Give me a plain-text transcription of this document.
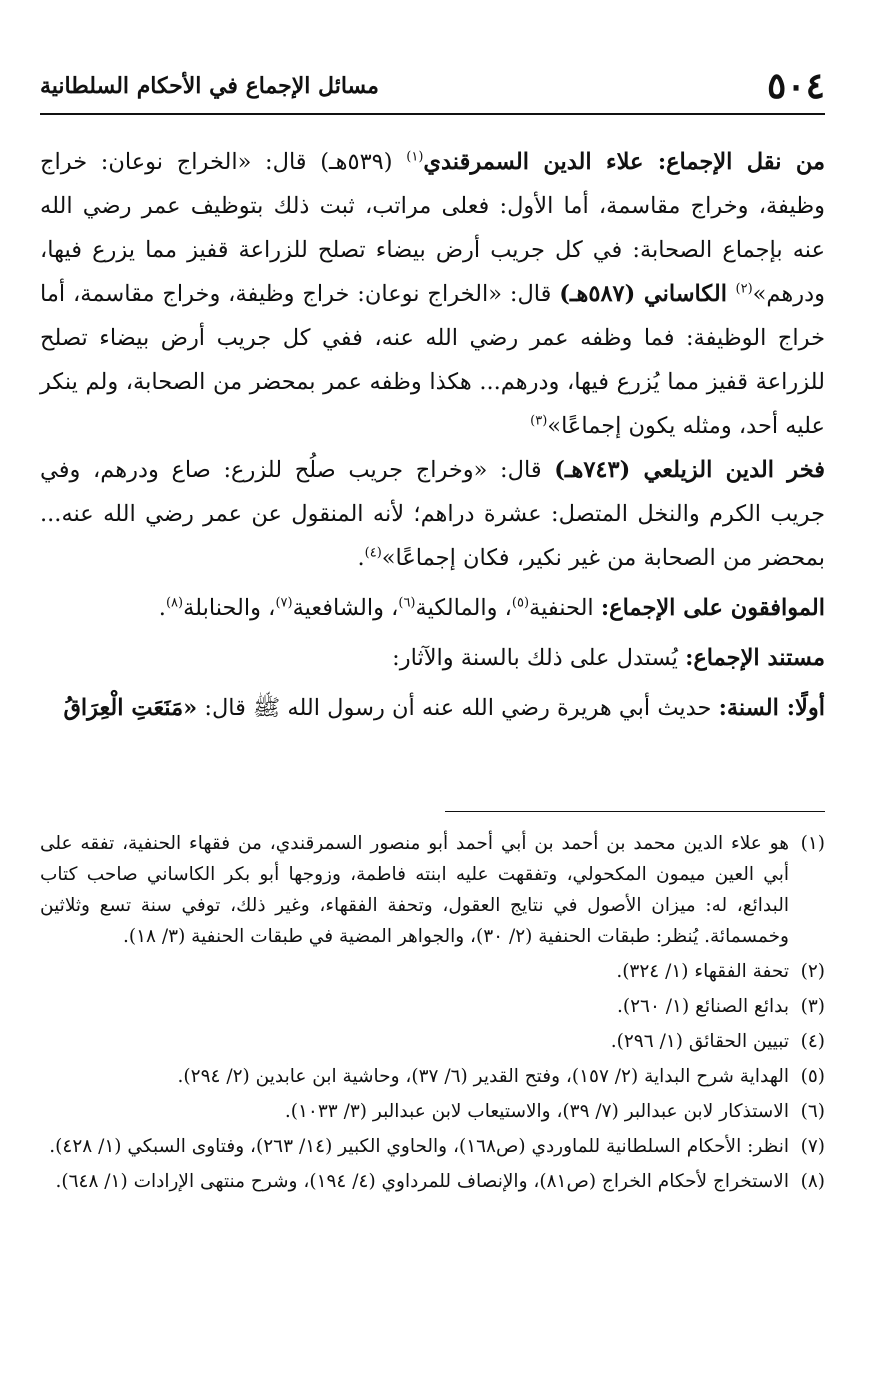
٥٠٤
مسائل الإجماع في الأحكام السلطانية

من نقل الإجماع: علاء الدين السمرقندي$^{(١)}$ (٥٣٩هـ) قال: «الخراج نوعان: خراج وظيفة، وخراج مقاسمة، أما الأول: فعلى مراتب، ثبت ذلك بتوظيف عمر رضي الله عنه بإجماع الصحابة: في كل جريب أرض بيضاء تصلح للزراعة قفيز مما يزرع فيها، ودرهم»$^{(٢)}$ الكاساني (٥٨٧هـ) قال: «الخراج نوعان: خراج وظيفة، وخراج مقاسمة، أما خراج الوظيفة: فما وظفه عمر رضي الله عنه، ففي كل جريب أرض بيضاء تصلح للزراعة قفيز مما يُزرع فيها، ودرهم... هكذا وظفه عمر بمحضر من الصحابة، ولم ينكر عليه أحد، ومثله يكون إجماعًا»$^{(٣)}$

فخر الدين الزيلعي (٧٤٣هـ) قال: «وخراج جريب صلُح للزرع: صاع ودرهم، وفي جريب الكرم والنخل المتصل: عشرة دراهم؛ لأنه المنقول عن عمر رضي الله عنه... بمحضر من الصحابة من غير نكير، فكان إجماعًا»$^{(٤)}$.

الموافقون على الإجماع: الحنفية$^{(٥)}$، والمالكية$^{(٦)}$، والشافعية$^{(٧)}$، والحنابلة$^{(٨)}$.

مستند الإجماع: يُستدل على ذلك بالسنة والآثار:

أولًا: السنة: حديث أبي هريرة رضي الله عنه أن رسول الله ﷺ قال: «مَنَعَتِ الْعِرَاقُ

(١)
هو علاء الدين محمد بن أحمد بن أبي أحمد أبو منصور السمرقندي، من فقهاء الحنفية، تفقه على أبي العين ميمون المكحولي، وتفقهت عليه ابنته فاطمة، وزوجها أبو بكر الكاساني صاحب كتاب البدائع، له: ميزان الأصول في نتايج العقول، وتحفة الفقهاء، وغير ذلك، توفي سنة تسع وثلاثين وخمسمائة. يُنظر: طبقات الحنفية (٢/ ٣٠)، والجواهر المضية في طبقات الحنفية (٣/ ١٨).

(٢)
تحفة الفقهاء (١/ ٣٢٤).

(٣)
بدائع الصنائع (١/ ٢٦٠).

(٤)
تبيين الحقائق (١/ ٢٩٦).

(٥)
الهداية شرح البداية (٢/ ١٥٧)، وفتح القدير (٦/ ٣٧)، وحاشية ابن عابدين (٢/ ٢٩٤).

(٦)
الاستذكار لابن عبدالبر (٧/ ٣٩)، والاستيعاب لابن عبدالبر (٣/ ١٠٣٣).

(٧)
انظر: الأحكام السلطانية للماوردي (ص١٦٨)، والحاوي الكبير (١٤/ ٢٦٣)، وفتاوى السبكي (١/ ٤٢٨).

(٨)
الاستخراج لأحكام الخراج (ص٨١)، والإنصاف للمرداوي (٤/ ١٩٤)، وشرح منتهى الإرادات (١/ ٦٤٨).
